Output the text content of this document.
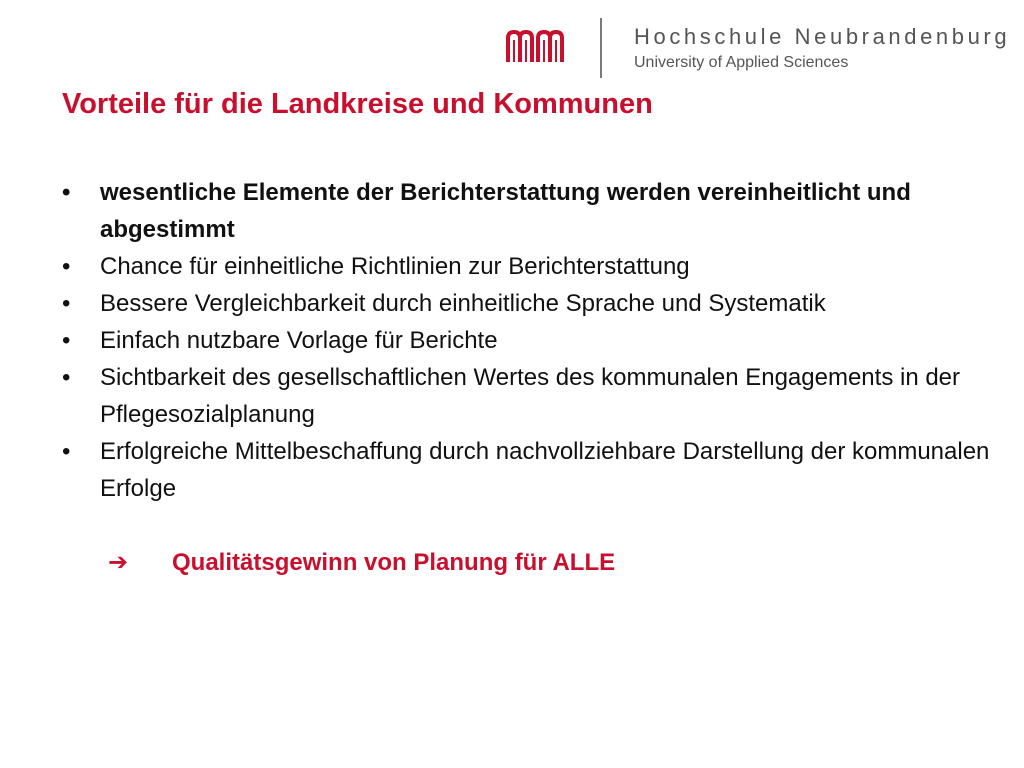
Hochschule Neubrandenburg
University of Applied Sciences
Vorteile für die Landkreise und Kommunen
• wesentliche Elemente der Berichterstattung werden vereinheitlicht und abgestimmt
• Chance für einheitliche Richtlinien zur Berichterstattung
• Bessere Vergleichbarkeit durch einheitliche Sprache und Systematik
• Einfach nutzbare Vorlage für Berichte
• Sichtbarkeit des gesellschaftlichen Wertes des kommunalen Engagements in der Pflegesozialplanung
• Erfolgreiche Mittelbeschaffung durch nachvollziehbare Darstellung der kommunalen Erfolge
➔ Qualitätsgewinn von Planung für ALLE
